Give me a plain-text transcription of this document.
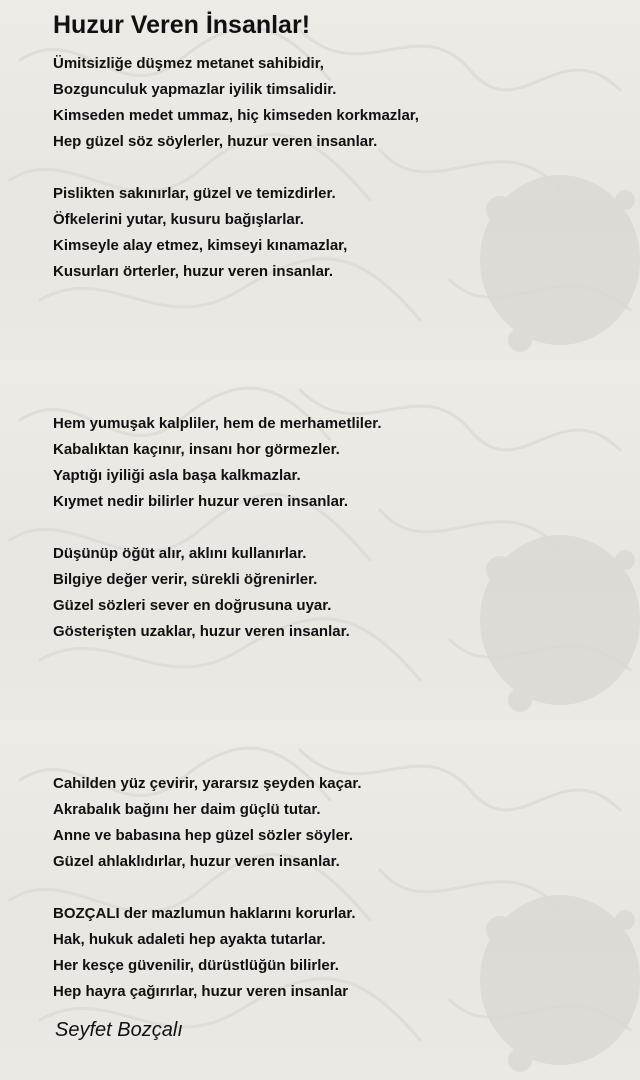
Huzur Veren İnsanlar!
Ümitsizliğe düşmez metanet sahibidir,
Bozgunculuk yapmazlar iyilik timsalidir.
Kimseden medet ummaz, hiç kimseden korkmazlar,
Hep güzel söz söylerler, huzur veren insanlar.
Pislikten sakınırlar, güzel ve temizdirler.
Öfkelerini yutar, kusuru bağışlarlar.
Kimseyle alay etmez, kimseyi kınamazlar,
Kusurları örterler, huzur veren insanlar.
Hem yumuşak kalpliler, hem de merhametliler.
Kabalıktan kaçınır, insanı hor görmezler.
Yaptığı iyiliği asla başa kalkmazlar.
Kıymet nedir bilirler huzur veren insanlar.
Düşünüp öğüt alır, aklını kullanırlar.
Bilgiye değer verir, sürekli öğrenirler.
Güzel sözleri sever en doğrusuna uyar.
Gösterişten uzaklar, huzur veren insanlar.
Cahilden yüz çevirir, yararsız şeyden kaçar.
Akrabalık bağını her daim güçlü tutar.
Anne ve babasına hep güzel sözler söyler.
Güzel ahlaklıdırlar, huzur veren insanlar.
BOZÇALI der mazlumun haklarını korurlar.
Hak, hukuk adaleti hep ayakta tutarlar.
Her kesçe güvenilir, dürüstlüğün bilirler.
Hep hayra çağırırlar, huzur veren insanlar
Seyfet Bozçalı
